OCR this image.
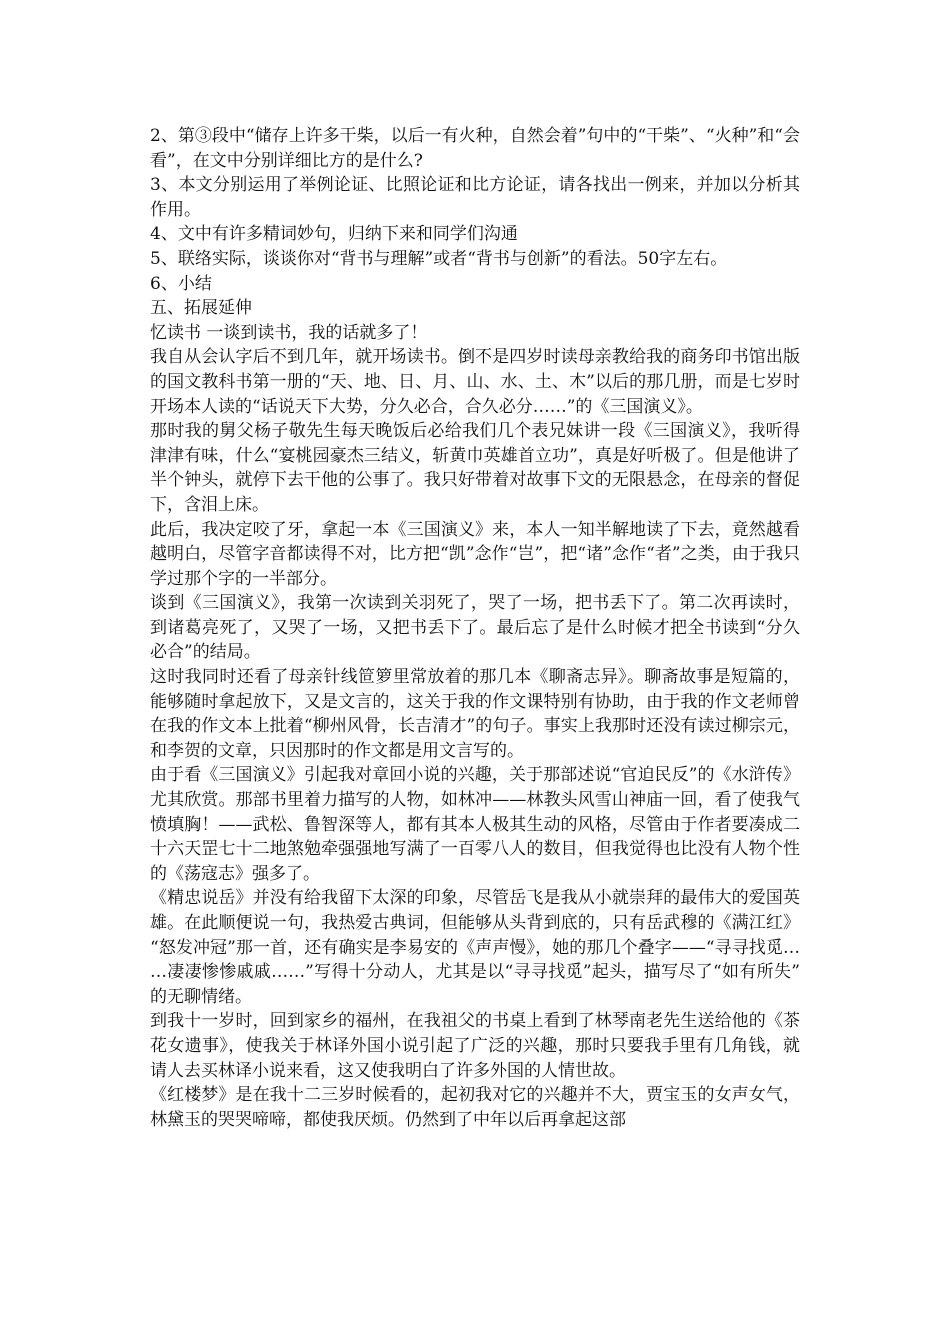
2、第③段中“储存上许多干柴，以后一有火种，自然会着”句中的“干柴”、“火种”和“会看”，在文中分别详细比方的是什么?

3、本文分别运用了举例论证、比照论证和比方论证，请各找出一例来，并加以分析其作用。

4、文中有许多精词妙句，归纳下来和同学们沟通

5、联络实际，谈谈你对“背书与理解”或者“背书与创新”的看法。50字左右。

6、小结

五、拓展延伸

忆读书 一谈到读书，我的话就多了！

我自从会认字后不到几年，就开场读书。倒不是四岁时读母亲教给我的商务印书馆出版的国文教科书第一册的“天、地、日、月、山、水、土、木”以后的那几册，而是七岁时开场本人读的“话说天下大势，分久必合，合久必分……”的《三国演义》。

那时我的舅父杨子敬先生每天晚饭后必给我们几个表兄妹讲一段《三国演义》，我听得津津有味，什么“宴桃园豪杰三结义，斩黄巾英雄首立功”，真是好听极了。但是他讲了半个钟头，就停下去干他的公事了。我只好带着对故事下文的无限悬念，在母亲的督促下，含泪上床。

此后，我决定咬了牙，拿起一本《三国演义》来，本人一知半解地读了下去，竟然越看越明白，尽管字音都读得不对，比方把“凯”念作“岂”，把“诸”念作“者”之类，由于我只学过那个字的一半部分。

谈到《三国演义》，我第一次读到关羽死了，哭了一场，把书丢下了。第二次再读时，到诸葛亮死了，又哭了一场，又把书丢下了。最后忘了是什么时候才把全书读到“分久必合”的结局。

这时我同时还看了母亲针线笸箩里常放着的那几本《聊斋志异》。聊斋故事是短篇的，能够随时拿起放下，又是文言的，这关于我的作文课特别有协助，由于我的作文老师曾在我的作文本上批着“柳州风骨，长吉清才”的句子。事实上我那时还没有读过柳宗元，和李贺的文章，只因那时的作文都是用文言写的。

由于看《三国演义》引起我对章回小说的兴趣，关于那部述说“官迫民反”的《水浒传》尤其欣赏。那部书里着力描写的人物，如林冲——林教头风雪山神庙一回，看了使我气愤填胸！——武松、鲁智深等人，都有其本人极其生动的风格，尽管由于作者要凑成二十六天罡七十二地煞勉牵强强地写满了一百零八人的数目，但我觉得也比没有人物个性的《荡寇志》强多了。

《精忠说岳》并没有给我留下太深的印象，尽管岳飞是我从小就崇拜的最伟大的爱国英雄。在此顺便说一句，我热爱古典词，但能够从头背到底的，只有岳武穆的《满江红》“怒发冲冠”那一首，还有确实是李易安的《声声慢》，她的那几个叠字——“寻寻找觅……凄凄惨惨戚戚……”写得十分动人，尤其是以“寻寻找觅”起头，描写尽了“如有所失”的无聊情绪。

到我十一岁时，回到家乡的福州，在我祖父的书桌上看到了林琴南老先生送给他的《茶花女遗事》，使我关于林译外国小说引起了广泛的兴趣，那时只要我手里有几角钱，就请人去买林译小说来看，这又使我明白了许多外国的人情世故。

《红楼梦》是在我十二三岁时候看的，起初我对它的兴趣并不大，贾宝玉的女声女气，林黛玉的哭哭啼啼，都使我厌烦。仍然到了中年以后再拿起这部
